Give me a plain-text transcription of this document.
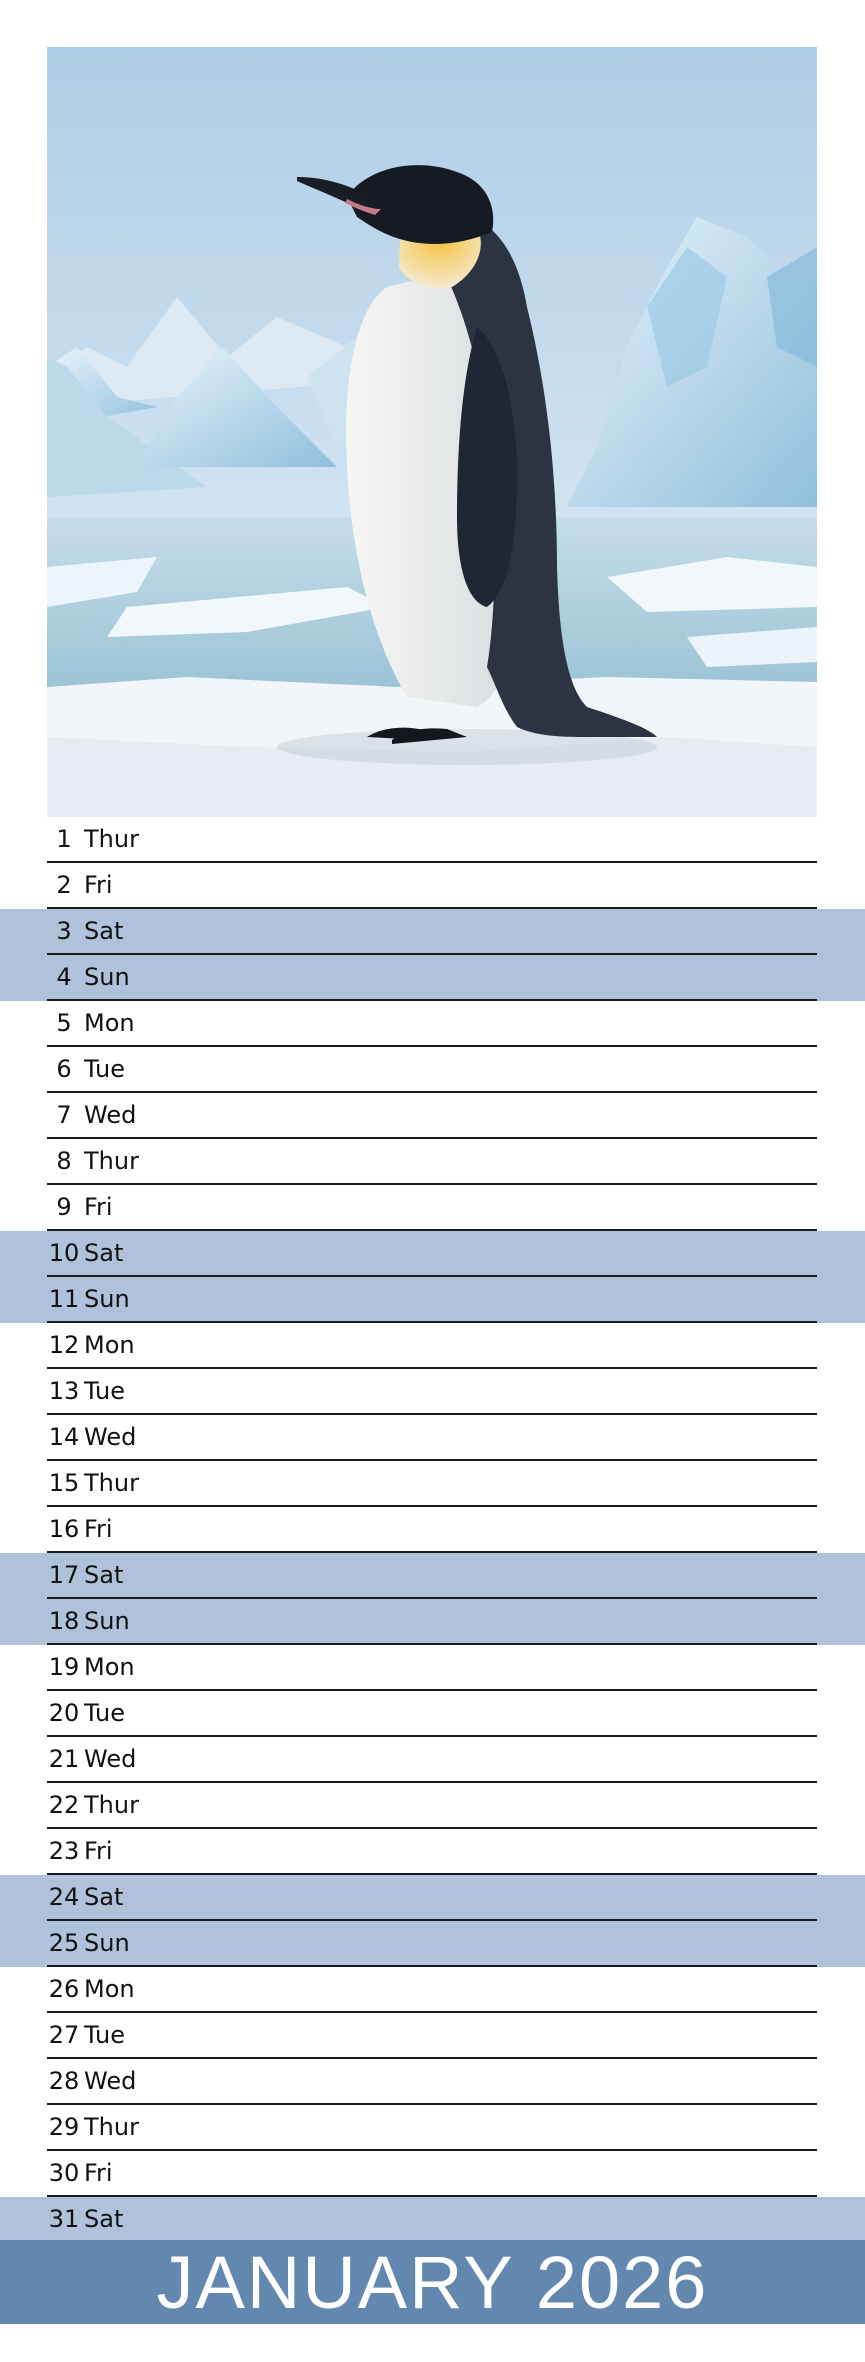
1 Thur
2 Fri
3 Sat
4 Sun
5 Mon
6 Tue
7 Wed
8 Thur
9 Fri
10 Sat
11 Sun
12 Mon
13 Tue
14 Wed
15 Thur
16 Fri
17 Sat
18 Sun
19 Mon
20 Tue
21 Wed
22 Thur
23 Fri
24 Sat
25 Sun
26 Mon
27 Tue
28 Wed
29 Thur
30 Fri
31 Sat
JANUARY 2026
